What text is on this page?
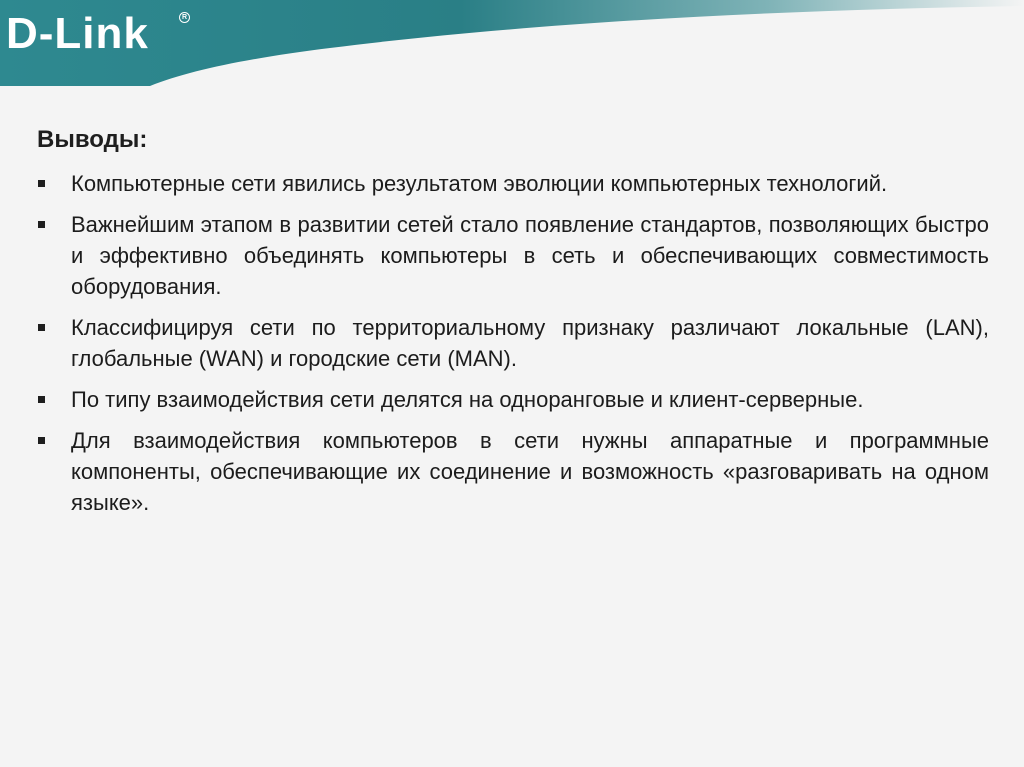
D-Link	R
Выводы:
Компьютерные сети явились результатом эволюции компьютерных технологий.
Важнейшим этапом в развитии сетей стало появление стандартов, позволяющих быстро и эффективно объединять компьютеры в сеть и обеспечивающих совместимость оборудования.
Классифицируя сети по территориальному признаку различают локальные (LAN), глобальные (WAN) и городские сети (MAN).
По типу взаимодействия сети делятся на одноранговые и клиент-серверные.
Для взаимодействия компьютеров в сети нужны аппаратные и программные компоненты, обеспечивающие их соединение и возможность «разговаривать на одном языке».
